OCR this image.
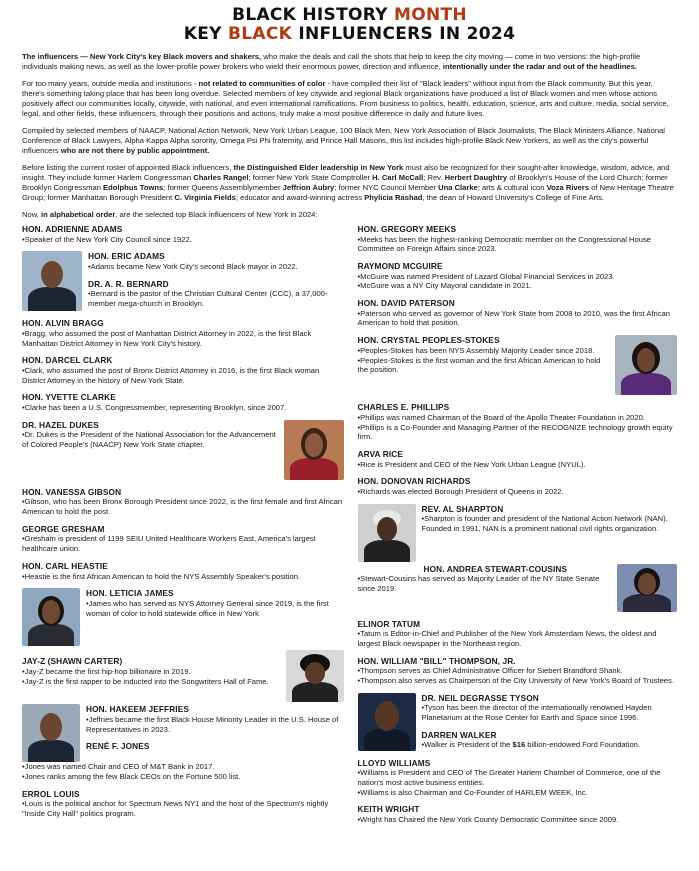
BLACK HISTORY MONTH
KEY BLACK INFLUENCERS IN 2024

The influencers — New York City's key Black movers and shakers, who make the deals and call the shots that help to keep the city moving — come in two versions: the high-profile individuals making news, as well as the lower-profile power brokers who wield their enormous power, direction and influence, intentionally under the radar and out of the headlines.

For too many years, outside media and institutions - not related to communities of color - have compiled their list of "Black leaders" without input from the Black community. But this year, there's something taking place that has been long overdue. Selected members of key citywide and regional Black organizations have produced a list of Black women and men whose actions positively affect our communities locally, citywide, with national, and even international ramifications. From business to politics, health, education, science, arts and culture, media, social service, legal, and other fields, these influencers, through their positions and actions, truly make a most positive difference in daily and future lives.

Compiled by selected members of NAACP, National Action Network, New York Urban League, 100 Black Men, New York Association of Black Journalists, The Black Ministers Alliance, National Conference of Black Lawyers, Alpha Kappa Alpha sorority, Omega Psi Phi fraternity, and Prince Hall Masons, this list includes high-profile Black New Yorkers, as well as the city's powerful influencers who are not there by public appointment.

Before listing the current roster of appointed Black influencers, the Distinguished Elder leadership in New York must also be recognized for their sought-after knowledge, wisdom, advice, and insight. They include former Harlem Congressman Charles Rangel; former New York State Comptroller H. Carl McCall; Rev. Herbert Daughtry of Brooklyn's House of the Lord Church; former Brooklyn Congressman Edolphus Towns; former Queens Assemblymember Jeffrion Aubry; former NYC Council Member Una Clarke; arts & cultural icon Voza Rivers of New Heritage Theatre Group; former Manhattan Borough President C. Virginia Fields; educator and award-winning actress Phylicia Rashad, the dean of Howard University's College of Fine Arts.

Now, in alphabetical order, are the selected top Black influencers of New York in 2024:

HON. ADRIENNE ADAMS
•Speaker of the New York City Council since 1922.
HON. ERIC ADAMS
•Adams became New York City's second Black mayor in 2022.
DR. A. R. BERNARD
•Bernard is the pastor of the Christian Cultural Center (CCC), a 37,000-member mega-church in Brooklyn.
HON. ALVIN BRAGG
•Bragg, who assumed the post of Manhattan District Attorney in 2022, is the first Black Manhattan District Attorney in New York City's history.
HON. DARCEL CLARK
•Clark, who assumed the post of Bronx District Attorney in 2016, is the first Black woman District Attorney in the history of New York State.
HON. YVETTE CLARKE
•Clarke has been a U.S. Congressmember, representing Brooklyn, since 2007.
DR. HAZEL DUKES
•Dr. Dukes is the President of the National Association for the Advancement of Colored People's (NAACP) New York State chapter.
HON. VANESSA GIBSON
•Gibson, who has been Bronx Borough President since 2022, is the first female and first African American to hold the post.
GEORGE GRESHAM
•Gresham is president of 1199 SEIU United Healthcare Workers East, America's largest healthcare union.
HON. CARL HEASTIE
•Heastie is the first African American to hold the NYS Assembly Speaker's position.
HON. LETICIA JAMES
•James who has served as NYS Attorney General since 2019, is the first woman of color to hold statewide office in New York
JAY-Z (SHAWN CARTER)
•Jay-Z became the first hip-hop billionaire in 2019.
•Jay-Z is the first rapper to be inducted into the Songwriters Hall of Fame.
HON. HAKEEM JEFFRIES
•Jeffries became the first Black House Minority Leader in the U.S. House of Representatives in 2023.
RENÉ F. JONES
•Jones was named Chair and CEO of M&T Bank in 2017.
•Jones ranks among the few Black CEOs on the Fortune 500 list.
ERROL LOUIS
•Louis is the political anchor for Spectrum News NY1 and the host of the Spectrum's nightly "Inside City Hall" politics program.
HON. GREGORY MEEKS
•Meeks has been the highest-ranking Democratic member on the Congressional House Committee on Foreign Affairs since 2023.
RAYMOND MCGUIRE
•McGuire was named President of Lazard Global Financial Services in 2023.
•McGuire was a NY City Mayoral candidate in 2021.
HON. DAVID PATERSON
•Paterson who served as governor of New York State from 2008 to 2010, was the first African American to hold that position.
HON. CRYSTAL PEOPLES-STOKES
•Peoples-Stokes has been NYS Assembly Majority Leader since 2018.
•Peoples-Stokes is the first woman and the first African American to hold the position.
CHARLES E. PHILLIPS
•Phillips was named Chairman of the Board of the Apollo Theater Foundation in 2020.
•Phillips is a Co-Founder and Managing Partner of the RECOGNIZE technology growth equity firm.
ARVA RICE
•Rice is President and CEO of the New York Urban League (NYUL).
HON. DONOVAN RICHARDS
•Richards was elected Borough President of Queens in 2022.
REV. AL SHARPTON
•Sharpton is founder and president of the National Action Network (NAN). Founded in 1991, NAN is a prominent national civil rights organization.
HON. ANDREA STEWART-COUSINS
•Stewart-Cousins has served as Majority Leader of the NY State Senate since 2019.
ELINOR TATUM
•Tatum is Editor-in-Chief and Publisher of the New York Amsterdam News, the oldest and largest Black newspaper in the Northeast region.
HON. WILLIAM "BILL" THOMPSON, JR.
•Thompson serves as Chief Administrative Officer for Siebert Brandford Shank.
•Thompson also serves as Chairperson of the City University of New York's Board of Trustees.
DR. NEIL DEGRASSE TYSON
•Tyson has been the director of the internationally renowned Hayden Planetarium at the Rose Center for Earth and Space since 1996.
DARREN WALKER
•Walker is President of the $16 billion-endowed Ford Foundation.
LLOYD WILLIAMS
•Williams is President and CEO of The Greater Harlem Chamber of Commerce, one of the nation's most active business entities.
•Williams is also Chairman and Co-Founder of HARLEM WEEK, Inc.
KEITH WRIGHT
•Wright has Chaired the New York County Democratic Committee since 2009.
